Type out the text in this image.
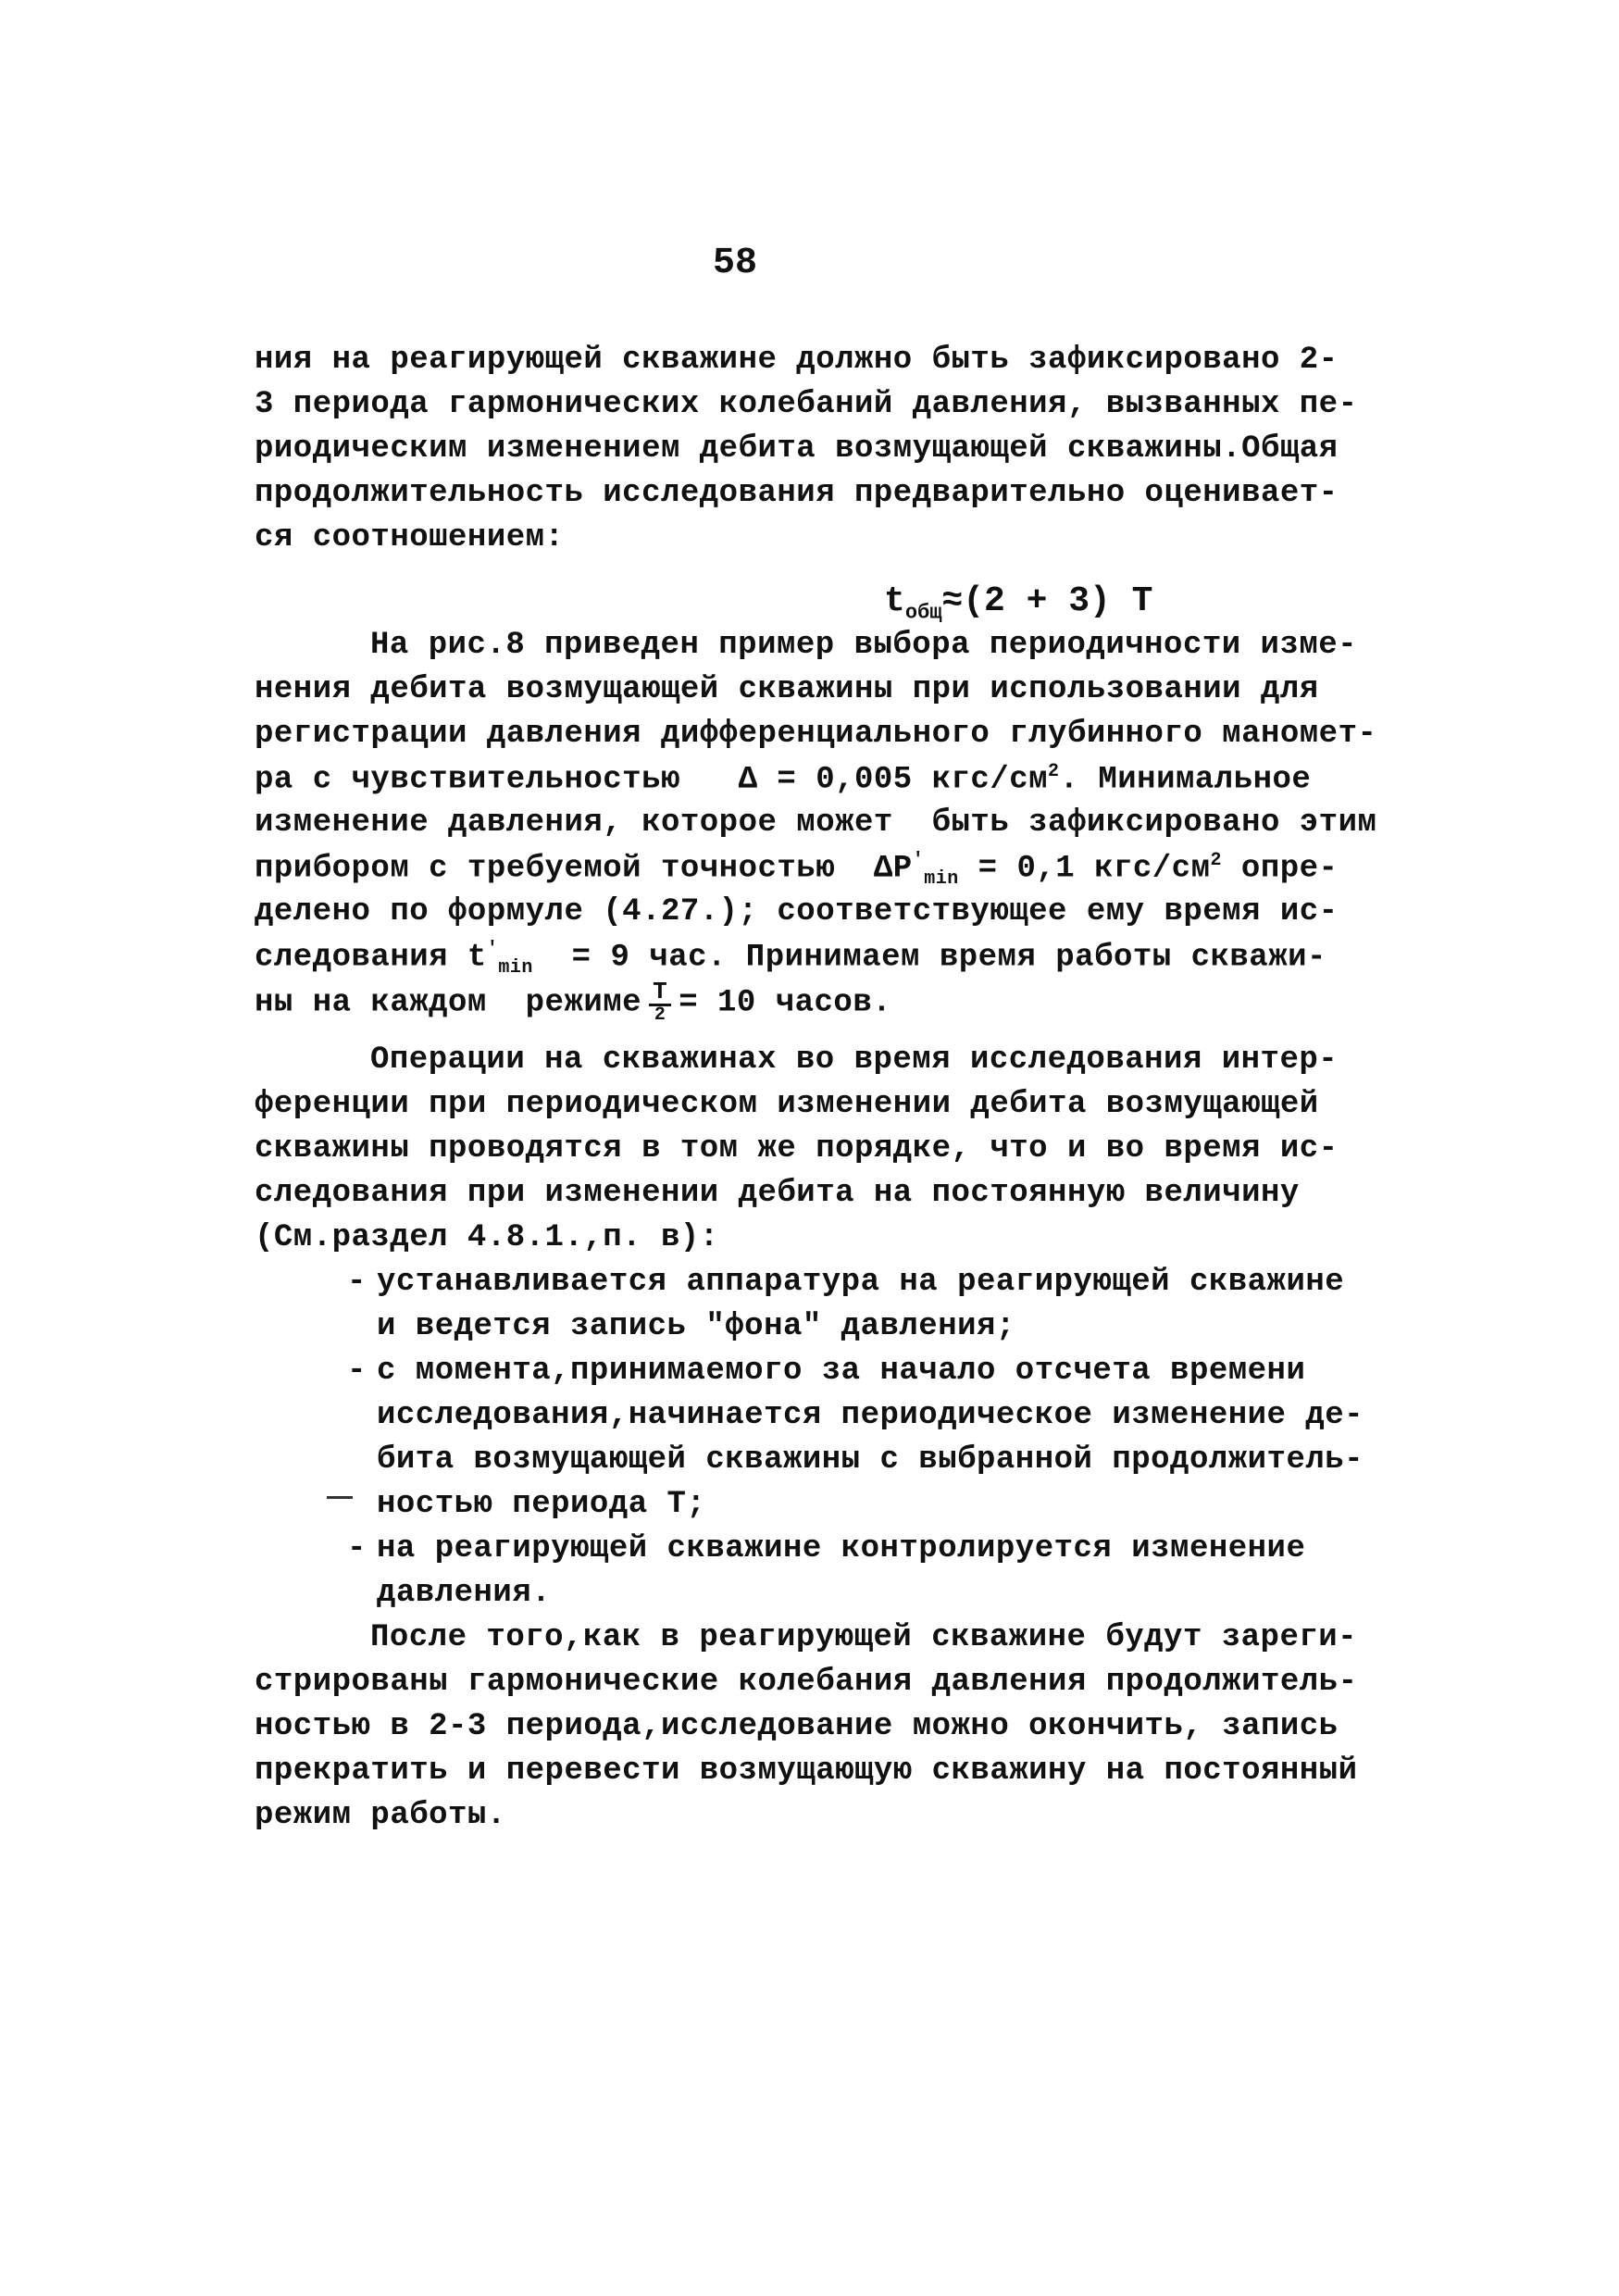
58
ния на реагирующей скважине должно быть зафиксировано 2-
3 периода гармонических колебаний давления, вызванных пе-
риодическим изменением дебита возмущающей скважины.Общая
продолжительность исследования предварительно оценивает-
ся соотношением:
$t_{общ}\approx(2 + 3)$ T
На рис.8 приведен пример выбора периодичности изме-
нения дебита возмущающей скважины при использовании для
регистрации давления дифференциального глубинного маномет-
ра с чувствительностью   Δ = 0,005 кгс/$см^2$. Минимальное
изменение давления, которое может  быть зафиксировано этим
прибором с требуемой точностью  $\Delta P'_{min} = 0,1$ кгс/$см^2$ опре-
делено по формуле (4.27.); соответствующее ему время ис-
следования $t'_{min} = 9$ час. Принимаем время работы скважи-
ны на каждом  режиме $\frac{T}{2} = 10$ часов.
Операции на скважинах во время исследования интер-
ференции при периодическом изменении дебита возмущающей
скважины проводятся в том же порядке, что и во время ис-
следования при изменении дебита на постоянную величину
(См.раздел 4.8.1.,п. в):
- устанавливается аппаратура на реагирующей скважине
и ведется запись "фона" давления;
- с момента,принимаемого за начало отсчета времени
исследования,начинается периодическое изменение де-
бита возмущающей скважины с выбранной продолжитель-
ностью периода T;
- на реагирующей скважине контролируется изменение
давления.
После того,как в реагирующей скважине будут зареги-
стрированы гармонические колебания давления продолжитель-
ностью в 2-3 периода,исследование можно окончить, запись
прекратить и перевести возмущающую скважину на постоянный
режим работы.
